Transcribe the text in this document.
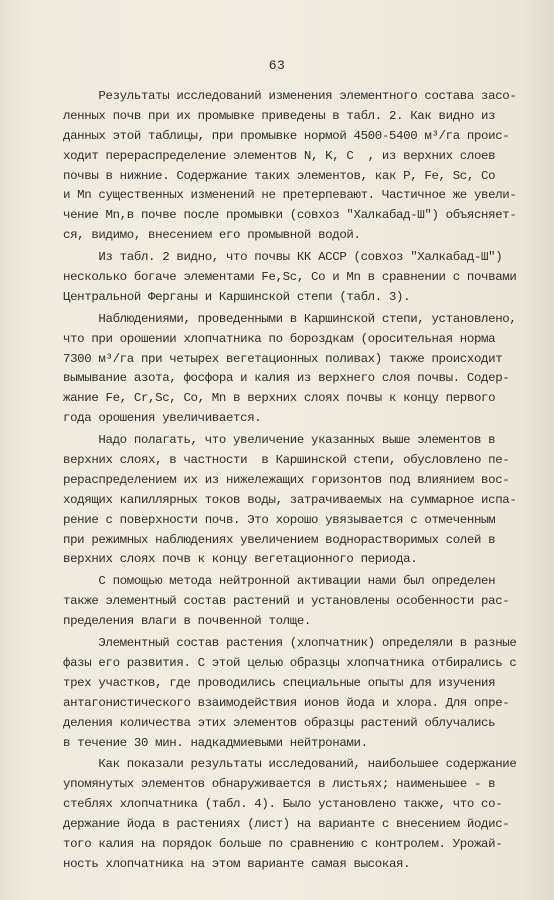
63
Результаты исследований изменения элементного состава засо-
ленных почв при их промывке приведены в табл. 2. Как видно из
данных этой таблицы, при промывке нормой 4500-5400 м³/га проис-
ходит перераспределение элементов N, K, C  , из верхних слоев
почвы в нижние. Содержание таких элементов, как P, Fe, Sc, Co
и Mn существенных изменений не претерпевают. Частичное же увели-
чение Mn,в почве после промывки (совхоз "Халкабад-Ш") объясняет-
ся, видимо, внесением его промывной водой.
Из табл. 2 видно, что почвы КК АССР (совхоз "Халкабад-Ш")
несколько богаче элементами Fe,Sc, Co и Mn в сравнении с почвами
Центральной Ферганы и Каршинской степи (табл. 3).
Наблюдениями, проведенными в Каршинской степи, установлено,
что при орошении хлопчатника по бороздкам (оросительная норма
7300 м³/га при четырех вегетационных поливах) также происходит
вымывание азота, фосфора и калия из верхнего слоя почвы. Содер-
жание Fe, Cr,Sc, Co, Mn в верхних слоях почвы к концу первого
года орошения увеличивается.
Надо полагать, что увеличение указанных выше элементов в
верхних слоях, в частности  в Каршинской степи, обусловлено пе-
рераспределением их из нижележащих горизонтов под влиянием вос-
ходящих капиллярных токов воды, затрачиваемых на суммарное испа-
рение с поверхности почв. Это хорошо увязывается с отмеченным
при режимных наблюдениях увеличением воднорастворимых солей в
верхних слоях почв к концу вегетационного периода.
С помощью метода нейтронной активации нами был определен
также элементный состав растений и установлены особенности рас-
пределения влаги в почвенной толще.
Элементный состав растения (хлопчатник) определяли в разные
фазы его развития. С этой целью образцы хлопчатника отбирались с
трех участков, где проводились специальные опыты для изучения
антагонистического взаимодействия ионов йода и хлора. Для опре-
деления количества этих элементов образцы растений облучались
в течение 30 мин. надкадмиевыми нейтронами.
Как показали результаты исследований, наибольшее содержание
упомянутых элементов обнаруживается в листьях; наименьшее - в
стеблях хлопчатника (табл. 4). Было установлено также, что со-
держание йода в растениях (лист) на варианте с внесением йодис-
того калия на порядок больше по сравнению с контролем. Урожай-
ность хлопчатника на этом варианте самая высокая.
